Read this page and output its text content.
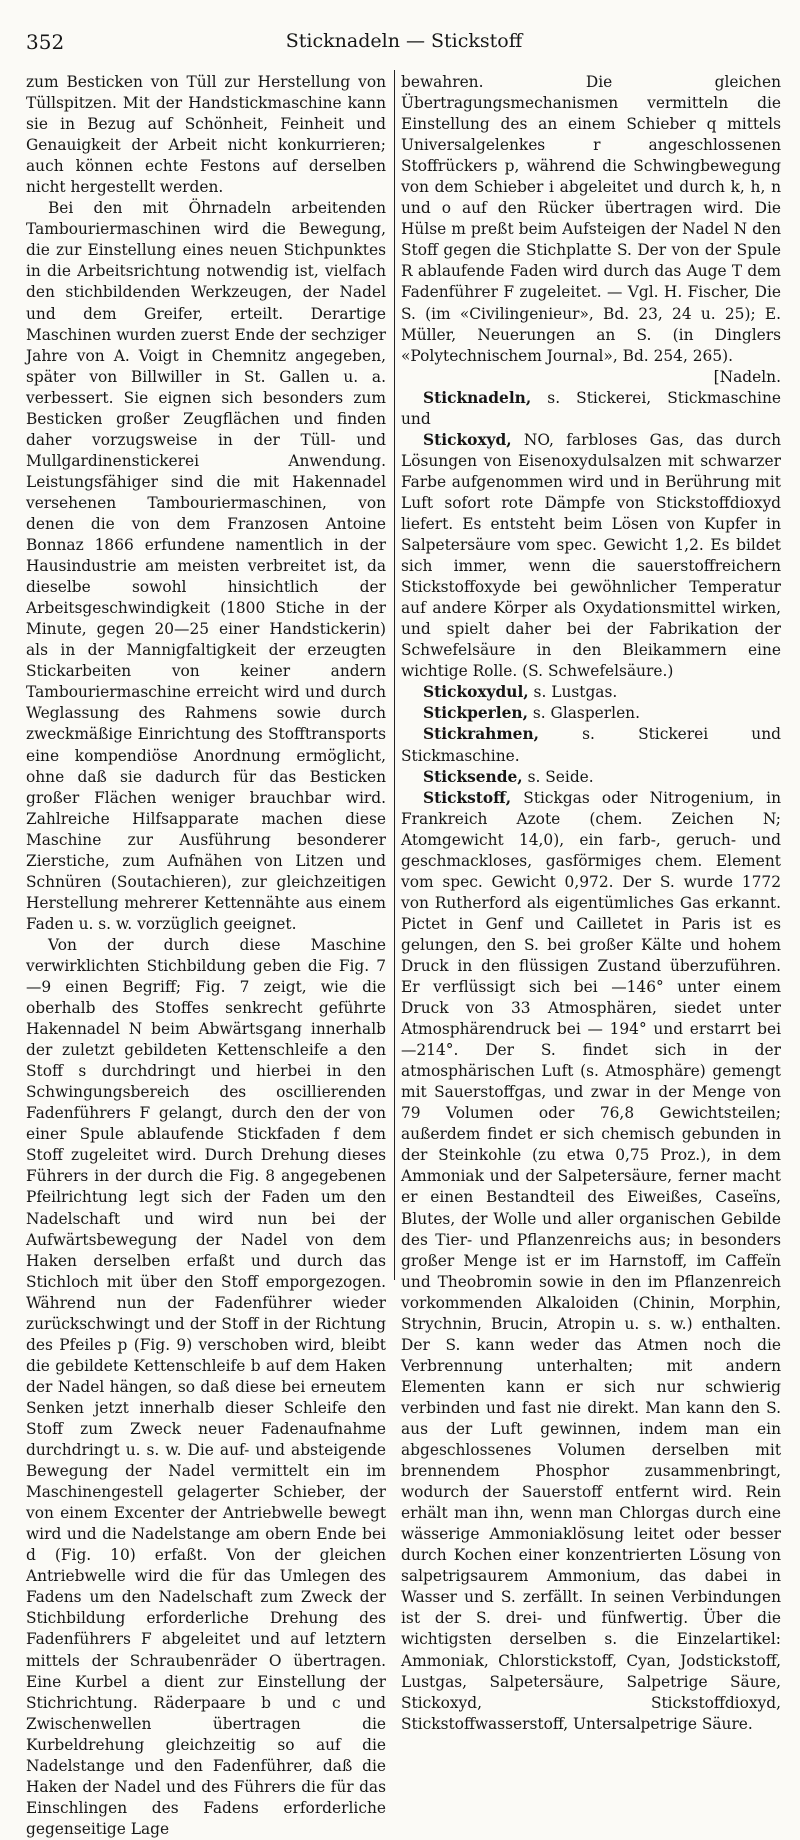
352	Sticknadeln — Stickstoff

zum Besticken von Tüll zur Herstellung von Tüllspitzen. Mit der Handstickmaschine kann sie in Bezug auf Schönheit, Feinheit und Genauigkeit der Arbeit nicht konkurrieren; auch können echte Festons auf derselben nicht hergestellt werden.

Bei den mit Öhrnadeln arbeitenden Tambouriermaschinen wird die Bewegung, die zur Einstellung eines neuen Stichpunktes in die Arbeitsrichtung notwendig ist, vielfach den stichbildenden Werkzeugen, der Nadel und dem Greifer, erteilt. Derartige Maschinen wurden zuerst Ende der sechziger Jahre von A. Voigt in Chemnitz angegeben, später von Billwiller in St. Gallen u. a. verbessert. Sie eignen sich besonders zum Besticken großer Zeugflächen und finden daher vorzugsweise in der Tüll- und Mullgardinenstickerei Anwendung. Leistungsfähiger sind die mit Hakennadel versehenen Tambouriermaschinen, von denen die von dem Franzosen Antoine Bonnaz 1866 erfundene namentlich in der Hausindustrie am meisten verbreitet ist, da dieselbe sowohl hinsichtlich der Arbeitsgeschwindigkeit (1800 Stiche in der Minute, gegen 20—25 einer Handstickerin) als in der Mannigfaltigkeit der erzeugten Stickarbeiten von keiner andern Tambouriermaschine erreicht wird und durch Weglassung des Rahmens sowie durch zweckmäßige Einrichtung des Stofftransports eine kompendiöse Anordnung ermöglicht, ohne daß sie dadurch für das Besticken großer Flächen weniger brauchbar wird. Zahlreiche Hilfsapparate machen diese Maschine zur Ausführung besonderer Zierstiche, zum Aufnähen von Litzen und Schnüren (Soutachieren), zur gleichzeitigen Herstellung mehrerer Kettennähte aus einem Faden u. s. w. vorzüglich geeignet.

Von der durch diese Maschine verwirklichten Stichbildung geben die Fig. 7—9 einen Begriff; Fig. 7 zeigt, wie die oberhalb des Stoffes senkrecht geführte Hakennadel N beim Abwärtsgang innerhalb der zuletzt gebildeten Kettenschleife a den Stoff s durchdringt und hierbei in den Schwingungsbereich des oscillierenden Fadenführers F gelangt, durch den der von einer Spule ablaufende Stickfaden f dem Stoff zugeleitet wird. Durch Drehung dieses Führers in der durch die Fig. 8 angegebenen Pfeilrichtung legt sich der Faden um den Nadelschaft und wird nun bei der Aufwärtsbewegung der Nadel von dem Haken derselben erfaßt und durch das Stichloch mit über den Stoff emporgezogen. Während nun der Fadenführer wieder zurückschwingt und der Stoff in der Richtung des Pfeiles p (Fig. 9) verschoben wird, bleibt die gebildete Kettenschleife b auf dem Haken der Nadel hängen, so daß diese bei erneutem Senken jetzt innerhalb dieser Schleife den Stoff zum Zweck neuer Fadenaufnahme durchdringt u. s. w. Die auf- und absteigende Bewegung der Nadel vermittelt ein im Maschinengestell gelagerter Schieber, der von einem Excenter der Antriebwelle bewegt wird und die Nadelstange am obern Ende bei d (Fig. 10) erfaßt. Von der gleichen Antriebwelle wird die für das Umlegen des Fadens um den Nadelschaft zum Zweck der Stichbildung erforderliche Drehung des Fadenführers F abgeleitet und auf letztern mittels der Schraubenräder O übertragen. Eine Kurbel a dient zur Einstellung der Stichrichtung. Räderpaare b und c und Zwischenwellen übertragen die Kurbeldrehung gleichzeitig so auf die Nadelstange und den Fadenführer, daß die Haken der Nadel und des Führers die für das Einschlingen des Fadens erforderliche gegenseitige Lage

bewahren. Die gleichen Übertragungsmechanismen vermitteln die Einstellung des an einem Schieber q mittels Universalgelenkes r angeschlossenen Stoffrückers p, während die Schwingbewegung von dem Schieber i abgeleitet und durch k, h, n und o auf den Rücker übertragen wird. Die Hülse m preßt beim Aufsteigen der Nadel N den Stoff gegen die Stichplatte S. Der von der Spule R ablaufende Faden wird durch das Auge T dem Fadenführer F zugeleitet. — Vgl. H. Fischer, Die S. (im «Civilingenieur», Bd. 23, 24 u. 25); E. Müller, Neuerungen an S. (in Dinglers «Polytechnischem Journal», Bd. 254, 265).

[Nadeln.

Sticknadeln, s. Stickerei, Stickmaschine und

Stickoxyd, NO, farbloses Gas, das durch Lösungen von Eisenoxydulsalzen mit schwarzer Farbe aufgenommen wird und in Berührung mit Luft sofort rote Dämpfe von Stickstoffdioxyd liefert. Es entsteht beim Lösen von Kupfer in Salpetersäure vom spec. Gewicht 1,2. Es bildet sich immer, wenn die sauerstoffreichern Stickstoffoxyde bei gewöhnlicher Temperatur auf andere Körper als Oxydationsmittel wirken, und spielt daher bei der Fabrikation der Schwefelsäure in den Bleikammern eine wichtige Rolle. (S. Schwefelsäure.)

Stickoxydul, s. Lustgas.

Stickperlen, s. Glasperlen.

Stickrahmen, s. Stickerei und Stickmaschine.

Sticksende, s. Seide.

Stickstoff, Stickgas oder Nitrogenium, in Frankreich Azote (chem. Zeichen N; Atomgewicht 14,0), ein farb-, geruch- und geschmackloses, gasförmiges chem. Element vom spec. Gewicht 0,972. Der S. wurde 1772 von Rutherford als eigentümliches Gas erkannt. Pictet in Genf und Cailletet in Paris ist es gelungen, den S. bei großer Kälte und hohem Druck in den flüssigen Zustand überzuführen. Er verflüssigt sich bei —146° unter einem Druck von 33 Atmosphären, siedet unter Atmosphärendruck bei — 194° und erstarrt bei —214°. Der S. findet sich in der atmosphärischen Luft (s. Atmosphäre) gemengt mit Sauerstoffgas, und zwar in der Menge von 79 Volumen oder 76,8 Gewichtsteilen; außerdem findet er sich chemisch gebunden in der Steinkohle (zu etwa 0,75 Proz.), in dem Ammoniak und der Salpetersäure, ferner macht er einen Bestandteil des Eiweißes, Caseïns, Blutes, der Wolle und aller organischen Gebilde des Tier- und Pflanzenreichs aus; in besonders großer Menge ist er im Harnstoff, im Caffeïn und Theobromin sowie in den im Pflanzenreich vorkommenden Alkaloiden (Chinin, Morphin, Strychnin, Brucin, Atropin u. s. w.) enthalten. Der S. kann weder das Atmen noch die Verbrennung unterhalten; mit andern Elementen kann er sich nur schwierig verbinden und fast nie direkt. Man kann den S. aus der Luft gewinnen, indem man ein abgeschlossenes Volumen derselben mit brennendem Phosphor zusammenbringt, wodurch der Sauerstoff entfernt wird. Rein erhält man ihn, wenn man Chlorgas durch eine wässerige Ammoniaklösung leitet oder besser durch Kochen einer konzentrierten Lösung von salpetrigsaurem Ammonium, das dabei in Wasser und S. zerfällt. In seinen Verbindungen ist der S. drei- und fünfwertig. Über die wichtigsten derselben s. die Einzelartikel: Ammoniak, Chlorstickstoff, Cyan, Jodstickstoff, Lustgas, Salpetersäure, Salpetrige Säure, Stickoxyd, Stickstoffdioxyd, Stickstoffwasserstoff, Untersalpetrige Säure.
